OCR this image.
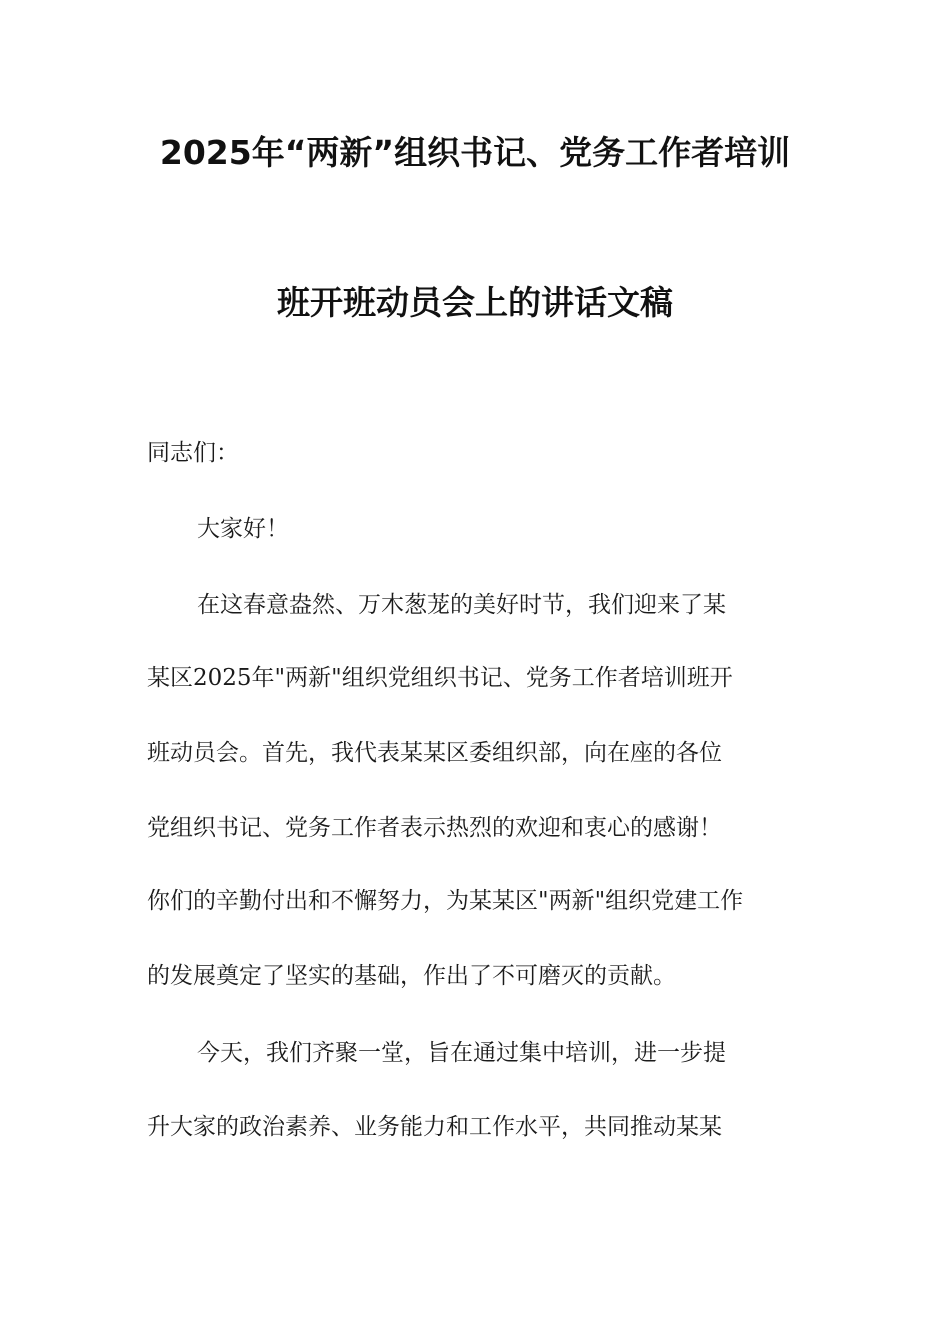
2025年“两新”组织书记、党务工作者培训
班开班动员会上的讲话文稿
同志们：
大家好！
在这春意盎然、万木葱茏的美好时节，我们迎来了某
某区2025年"两新"组织党组织书记、党务工作者培训班开
班动员会。首先，我代表某某区委组织部，向在座的各位
党组织书记、党务工作者表示热烈的欢迎和衷心的感谢！
你们的辛勤付出和不懈努力，为某某区"两新"组织党建工作
的发展奠定了坚实的基础，作出了不可磨灭的贡献。
今天，我们齐聚一堂，旨在通过集中培训，进一步提
升大家的政治素养、业务能力和工作水平，共同推动某某
